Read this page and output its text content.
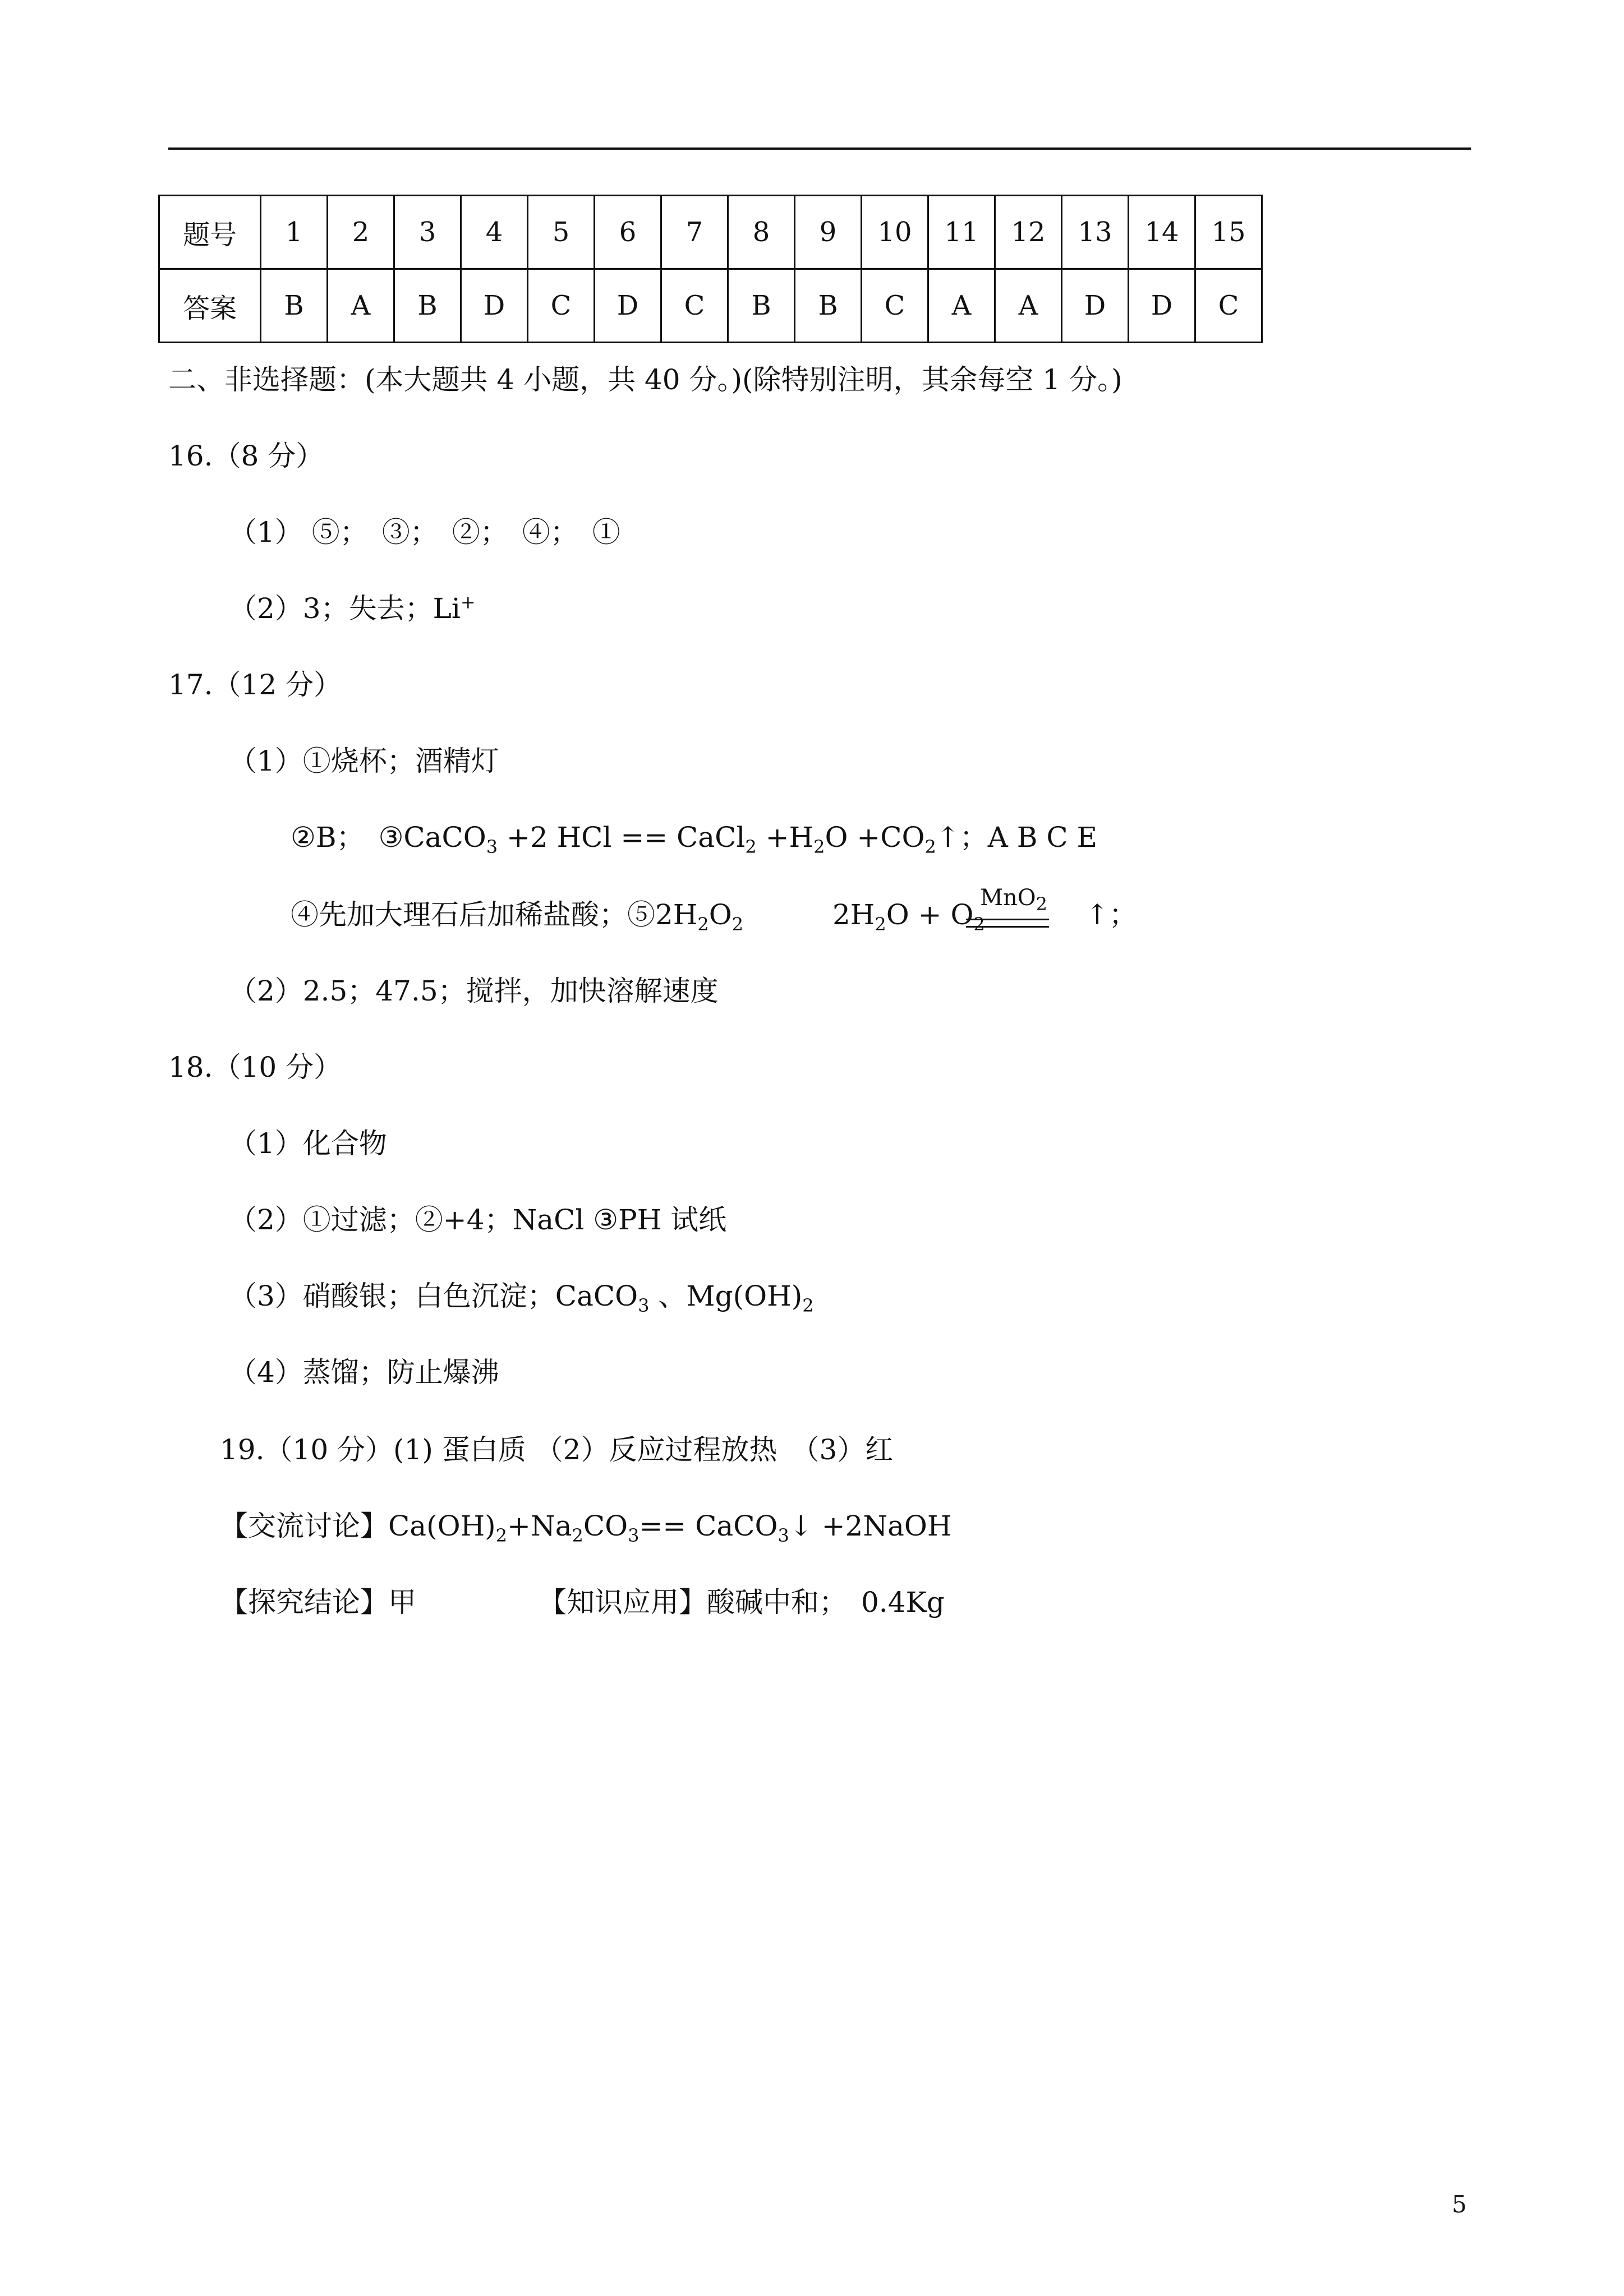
题号	1	2	3	4	5	6	7	8	9	10	11	12	13	14	15
答案	B	A	B	D	C	D	C	B	B	C	A	A	D	D	C
二、非选择题：(本大题共 4 小题，共 40 分。)(除特别注明，其余每空 1 分。)
16.（8 分）
（1） ⑤；　③；　②；　④；　①
（2）3；失去；Li+
17.（12 分）
（1）①烧杯；酒精灯
②B；　③CaCO$_3$ +2 HCl == CaCl$_2$ $+H_2O$ $+CO_2↑$；A B C E
④先加大理石后加稀盐酸；$⑤2H_2O_2$	$2H_2O + O_2$
MnO$_2$	↑；
（2）2.5；47.5；搅拌，加快溶解速度
18.（10 分）
（1）化合物
（2）①过滤；②+4；NaCl ③PH 试纸
（3）硝酸银；白色沉淀；CaCO$_3$ 、$Mg(OH)_2$
（4）蒸馏；防止爆沸
19.（10 分）(1) 蛋白质 （2）反应过程放热　（3）红
【交流讨论】$Ca(OH)_2+Na_2CO_3==$ CaCO$_3$↓ +2NaOH
【探究结论】甲	【知识应用】酸碱中和；　0.4Kg
5
